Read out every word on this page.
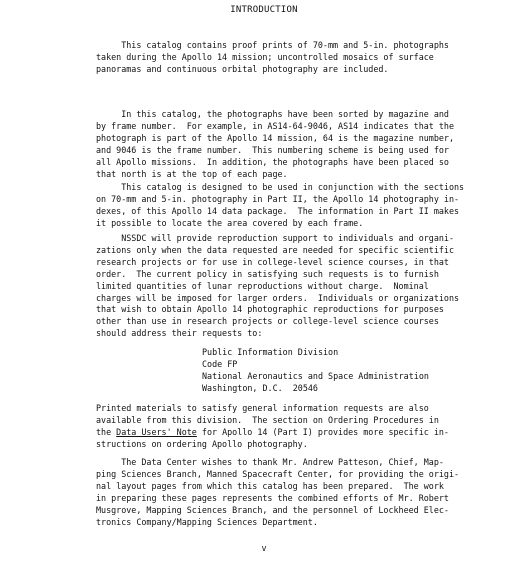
INTRODUCTION
This catalog contains proof prints of 70-mm and 5-in. photographs
taken during the Apollo 14 mission; uncontrolled mosaics of surface
panoramas and continuous orbital photography are included.
In this catalog, the photographs have been sorted by magazine and
by frame number.  For example, in AS14-64-9046, AS14 indicates that the
photograph is part of the Apollo 14 mission, 64 is the magazine number,
and 9046 is the frame number.  This numbering scheme is being used for
all Apollo missions.  In addition, the photographs have been placed so
that north is at the top of each page.
This catalog is designed to be used in conjunction with the sections
on 70-mm and 5-in. photography in Part II, the Apollo 14 photography in-
dexes, of this Apollo 14 data package.  The information in Part II makes
it possible to locate the area covered by each frame.
NSSDC will provide reproduction support to individuals and organi-
zations only when the data requested are needed for specific scientific
research projects or for use in college-level science courses, in that
order.  The current policy in satisfying such requests is to furnish
limited quantities of lunar reproductions without charge.  Nominal
charges will be imposed for larger orders.  Individuals or organizations
that wish to obtain Apollo 14 photographic reproductions for purposes
other than use in research projects or college-level science courses
should address their requests to:
Public Information Division
Code FP
National Aeronautics and Space Administration
Washington, D.C.  20546
Printed materials to satisfy general information requests are also
available from this division.  The section on Ordering Procedures in
the Data Users' Note for Apollo 14 (Part I) provides more specific in-
structions on ordering Apollo photography.
The Data Center wishes to thank Mr. Andrew Patteson, Chief, Map-
ping Sciences Branch, Manned Spacecraft Center, for providing the origi-
nal layout pages from which this catalog has been prepared.  The work
in preparing these pages represents the combined efforts of Mr. Robert
Musgrove, Mapping Sciences Branch, and the personnel of Lockheed Elec-
tronics Company/Mapping Sciences Department.
v
